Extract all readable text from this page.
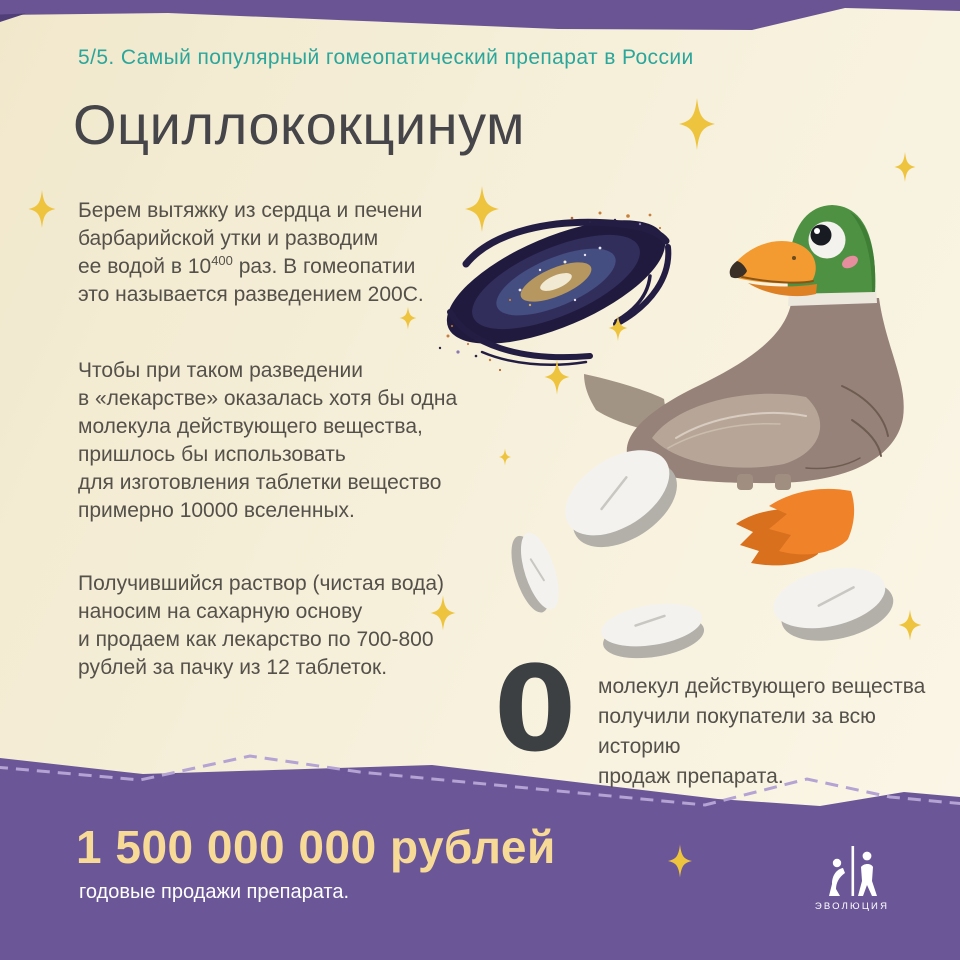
5/5. Самый популярный гомеопатический препарат в России
Оциллококцинум
Берем вытяжку из сердца и печени
барбарийской утки и разводим
ее водой в $10^{400}$ раз. В гомеопатии
это называется разведением 200С.
Чтобы при таком разведении
в «лекарстве» оказалась хотя бы одна
молекула действующего вещества,
пришлось бы использовать
для изготовления таблетки вещество
примерно 10000 вселенных.
Получившийся раствор (чистая вода)
наносим на сахарную основу
и продаем как лекарство по 700-800
рублей за пачку из 12 таблеток. 0 молекул действующего вещества
получили покупатели за всю историю
продаж препарата.
1 500 000 000 рублей
годовые продажи препарата.
ЭВОЛЮЦИЯ
